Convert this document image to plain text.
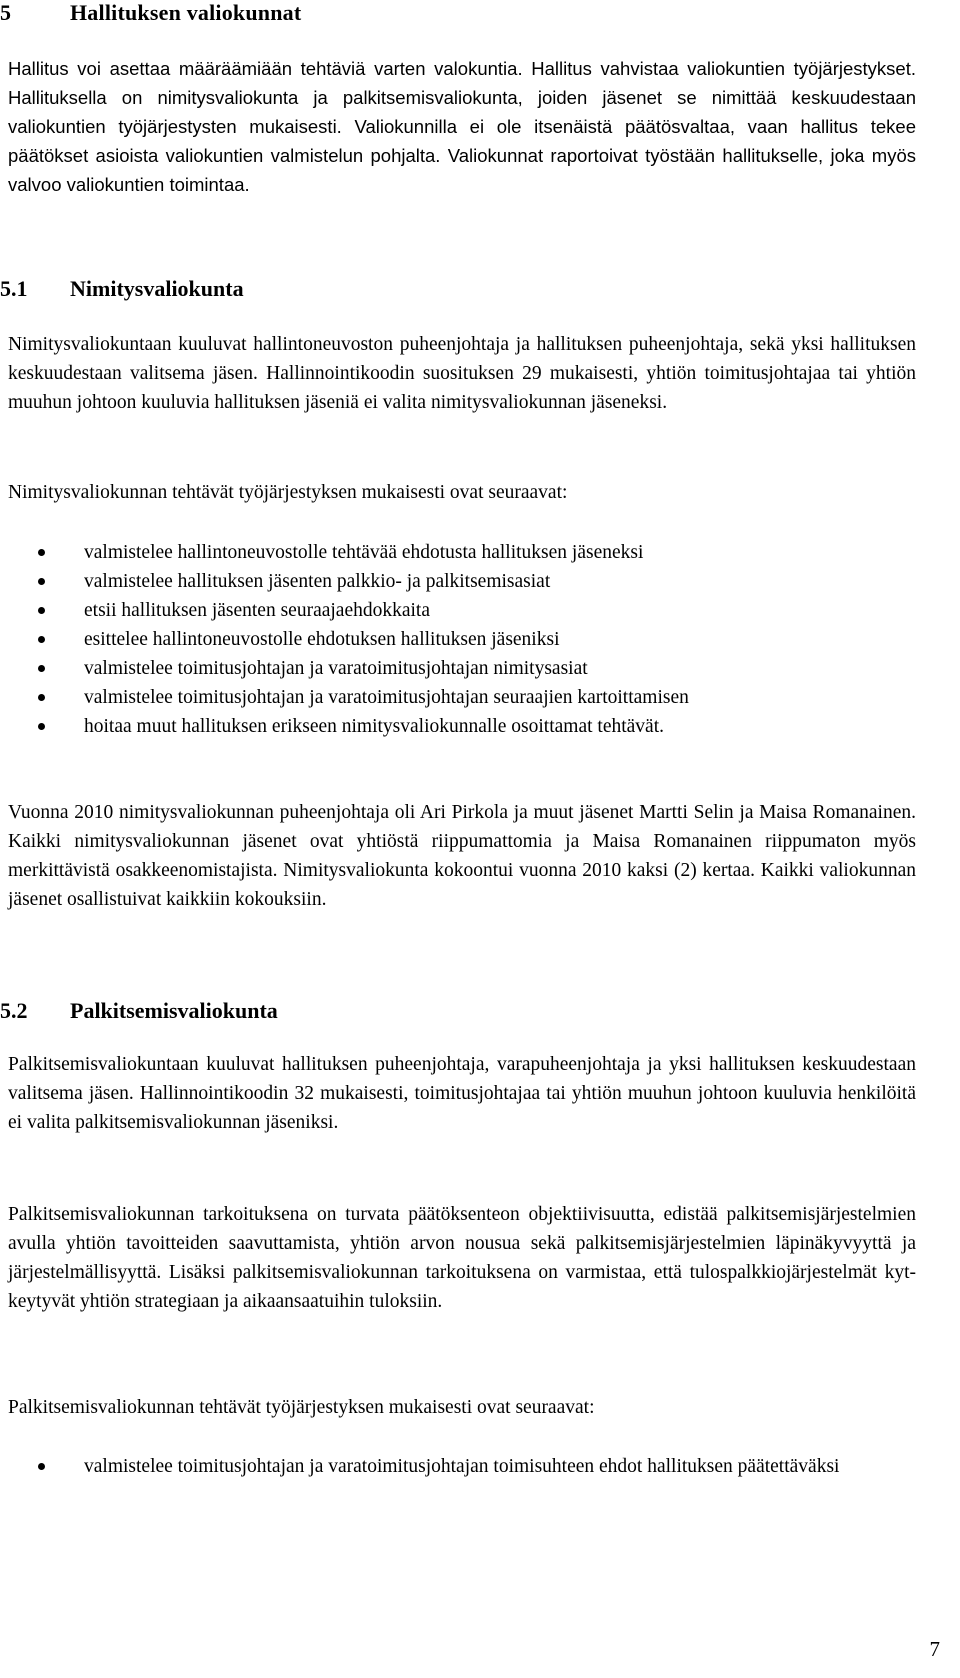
5	Hallituksen valiokunnat

Hallitus voi asettaa määräämiään tehtäviä varten valokuntia. Hallitus vahvistaa valiokuntien työjärjestykset. Hallituksella on nimitysvaliokunta ja palkitsemisvaliokunta, joiden jäsenet se nimittää keskuudestaan valiokuntien työjärjestysten mukaisesti. Valiokunnilla ei ole itsenäistä päätösvaltaa, vaan hallitus tekee päätökset asioista valiokuntien valmistelun pohjalta. Valiokunnat raportoivat työstään hallitukselle, joka myös valvoo valiokuntien toimintaa.

5.1 Nimitysvaliokunta

Nimitysvaliokuntaan kuuluvat hallintoneuvoston puheenjohtaja ja hallituksen puheenjohtaja, sekä yksi hallituksen keskuudestaan valitsema jäsen. Hallinnointikoodin suosituksen 29 mukaisesti, yhtiön toimitusjohtajaa tai yhtiön muuhun johtoon kuuluvia hallituksen jäseniä ei valita nimitysvaliokunnan jäseneksi.

Nimitysvaliokunnan tehtävät työjärjestyksen mukaisesti ovat seuraavat:

valmistelee hallintoneuvostolle tehtävää ehdotusta hallituksen jäseneksi
valmistelee hallituksen jäsenten palkkio- ja palkitsemisasiat
etsii hallituksen jäsenten seuraajaehdokkaita
esittelee hallintoneuvostolle ehdotuksen hallituksen jäseniksi
valmistelee toimitusjohtajan ja varatoimitusjohtajan nimitysasiat
valmistelee toimitusjohtajan ja varatoimitusjohtajan seuraajien kartoittamisen
hoitaa muut hallituksen erikseen nimitysvaliokunnalle osoittamat tehtävät.

Vuonna 2010 nimitysvaliokunnan puheenjohtaja oli Ari Pirkola ja muut jäsenet Martti Selin ja Maisa Romanainen. Kaikki nimitysvaliokunnan jäsenet ovat yhtiöstä riippumattomia ja Maisa Romanainen riippumaton myös merkittävistä osakkeenomistajista. Nimitysvaliokunta kokoontui vuonna 2010 kaksi (2) kertaa. Kaikki valiokunnan jäsenet osallistuivat kaikkiin kokouksiin.

5.2 Palkitsemisvaliokunta

Palkitsemisvaliokuntaan kuuluvat hallituksen puheenjohtaja, varapuheenjohtaja ja yksi hallituksen keskuudestaan valitsema jäsen. Hallinnointikoodin 32 mukaisesti, toimitusjohtajaa tai yhtiön muuhun johtoon kuuluvia henkilöitä ei valita palkitsemisvaliokunnan jäseniksi.

Palkitsemisvaliokunnan tarkoituksena on turvata päätöksenteon objektiivisuutta, edistää palkitsemisjärjestelmien avulla yhtiön tavoitteiden saavuttamista, yhtiön arvon nousua sekä palkitsemisjärjestelmien läpinäkyvyyttä ja järjestelmällisyyttä. Lisäksi palkitsemisvaliokunnan tarkoituksena on varmistaa, että tulospalkkiojärjestelmät kytkeytyvät yhtiön strategiaan ja aikaansaatuihin tuloksiin.

Palkitsemisvaliokunnan tehtävät työjärjestyksen mukaisesti ovat seuraavat:

valmistelee toimitusjohtajan ja varatoimitusjohtajan toimisuhteen ehdot hallituksen päätettäväksi
7
